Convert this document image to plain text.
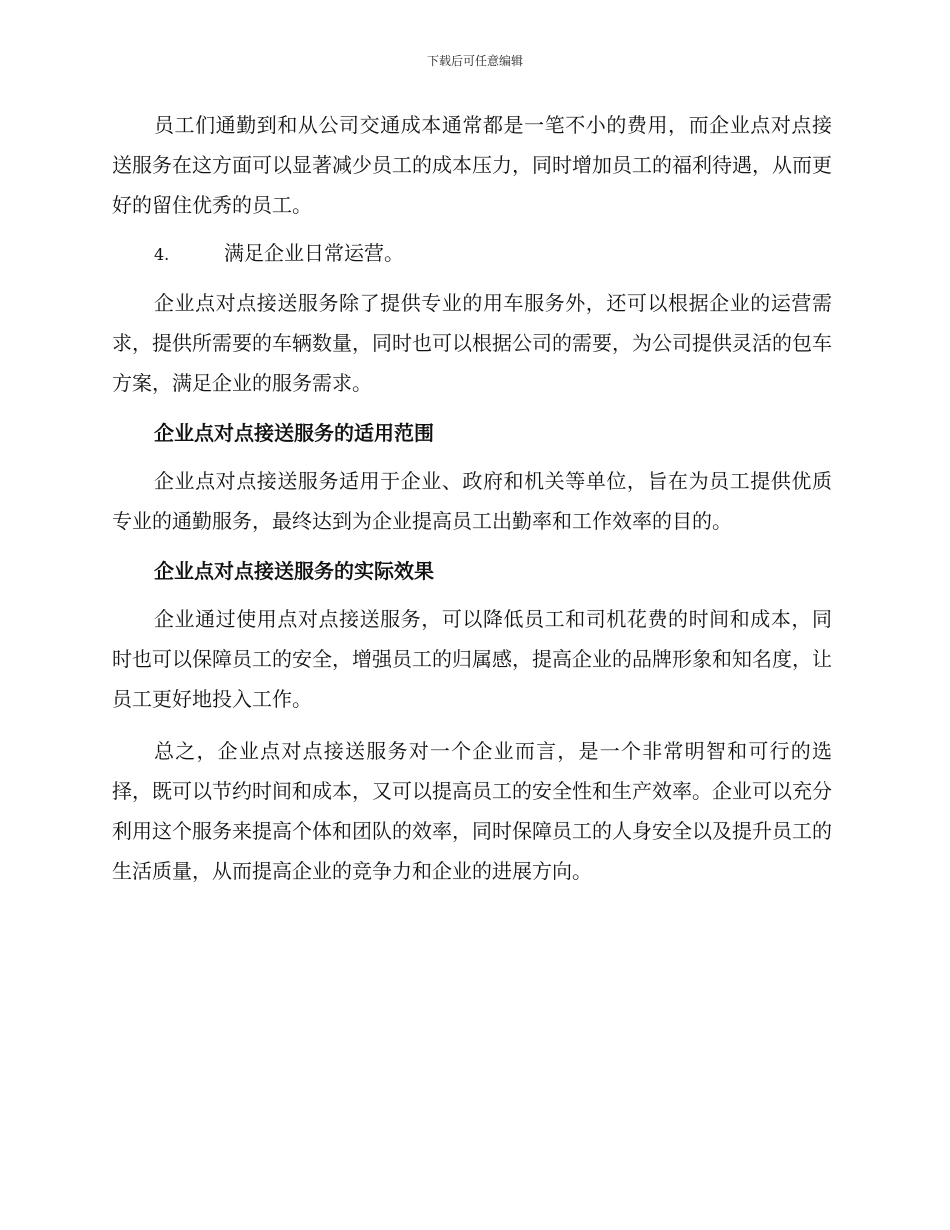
下载后可任意编辑

员工们通勤到和从公司交通成本通常都是一笔不小的费用，而企业点对点接送服务在这方面可以显著减少员工的成本压力，同时增加员工的福利待遇，从而更好的留住优秀的员工。

4.	满足企业日常运营。

企业点对点接送服务除了提供专业的用车服务外，还可以根据企业的运营需求，提供所需要的车辆数量，同时也可以根据公司的需要，为公司提供灵活的包车方案，满足企业的服务需求。

企业点对点接送服务的适用范围

企业点对点接送服务适用于企业、政府和机关等单位，旨在为员工提供优质专业的通勤服务，最终达到为企业提高员工出勤率和工作效率的目的。

企业点对点接送服务的实际效果

企业通过使用点对点接送服务，可以降低员工和司机花费的时间和成本，同时也可以保障员工的安全，增强员工的归属感，提高企业的品牌形象和知名度，让员工更好地投入工作。

总之，企业点对点接送服务对一个企业而言，是一个非常明智和可行的选择，既可以节约时间和成本，又可以提高员工的安全性和生产效率。企业可以充分利用这个服务来提高个体和团队的效率，同时保障员工的人身安全以及提升员工的生活质量，从而提高企业的竞争力和企业的进展方向。
